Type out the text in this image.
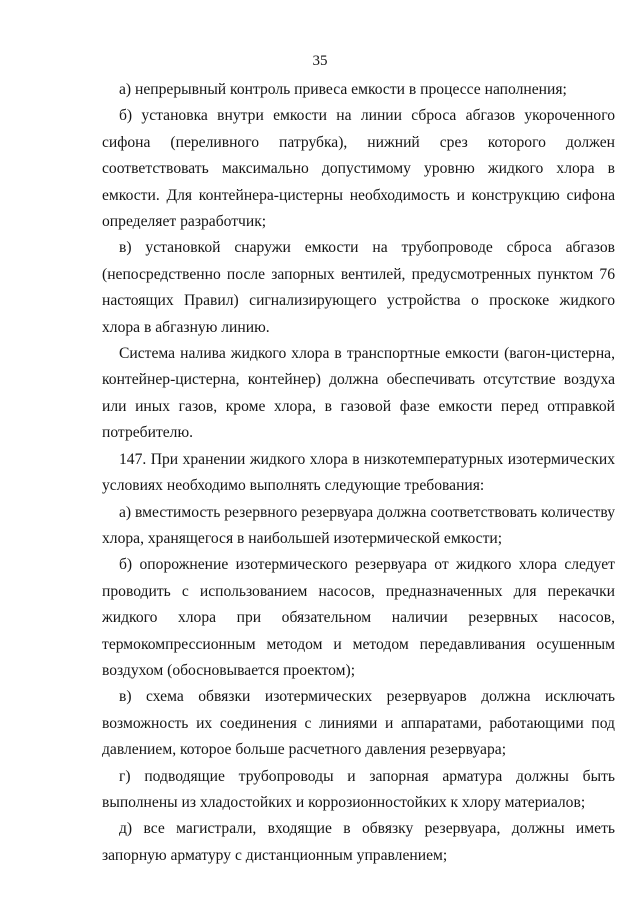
35

а) непрерывный контроль привеса емкости в процессе наполнения;

б) установка внутри емкости на линии сброса абгазов укороченного сифона (переливного патрубка), нижний срез которого должен соответствовать максимально допустимому уровню жидкого хлора в емкости. Для контейнера-цистерны необходимость и конструкцию сифона определяет разработчик;

в) установкой снаружи емкости на трубопроводе сброса абгазов (непосредственно после запорных вентилей, предусмотренных пунктом 76 настоящих Правил) сигнализирующего устройства о проскоке жидкого хлора в абгазную линию.

Система налива жидкого хлора в транспортные емкости (вагон-цистерна, контейнер-цистерна, контейнер) должна обеспечивать отсутствие воздуха или иных газов, кроме хлора, в газовой фазе емкости перед отправкой потребителю.

147. При хранении жидкого хлора в низкотемпературных изотермических условиях необходимо выполнять следующие требования:

а) вместимость резервного резервуара должна соответствовать количеству хлора, хранящегося в наибольшей изотермической емкости;

б) опорожнение изотермического резервуара от жидкого хлора следует проводить с использованием насосов, предназначенных для перекачки жидкого хлора при обязательном наличии резервных насосов, термокомпрессионным методом и методом передавливания осушенным воздухом (обосновывается проектом);

в) схема обвязки изотермических резервуаров должна исключать возможность их соединения с линиями и аппаратами, работающими под давлением, которое больше расчетного давления резервуара;

г) подводящие трубопроводы и запорная арматура должны быть выполнены из хладостойких и коррозионностойких к хлору материалов;

д) все магистрали, входящие в обвязку резервуара, должны иметь запорную арматуру с дистанционным управлением;
